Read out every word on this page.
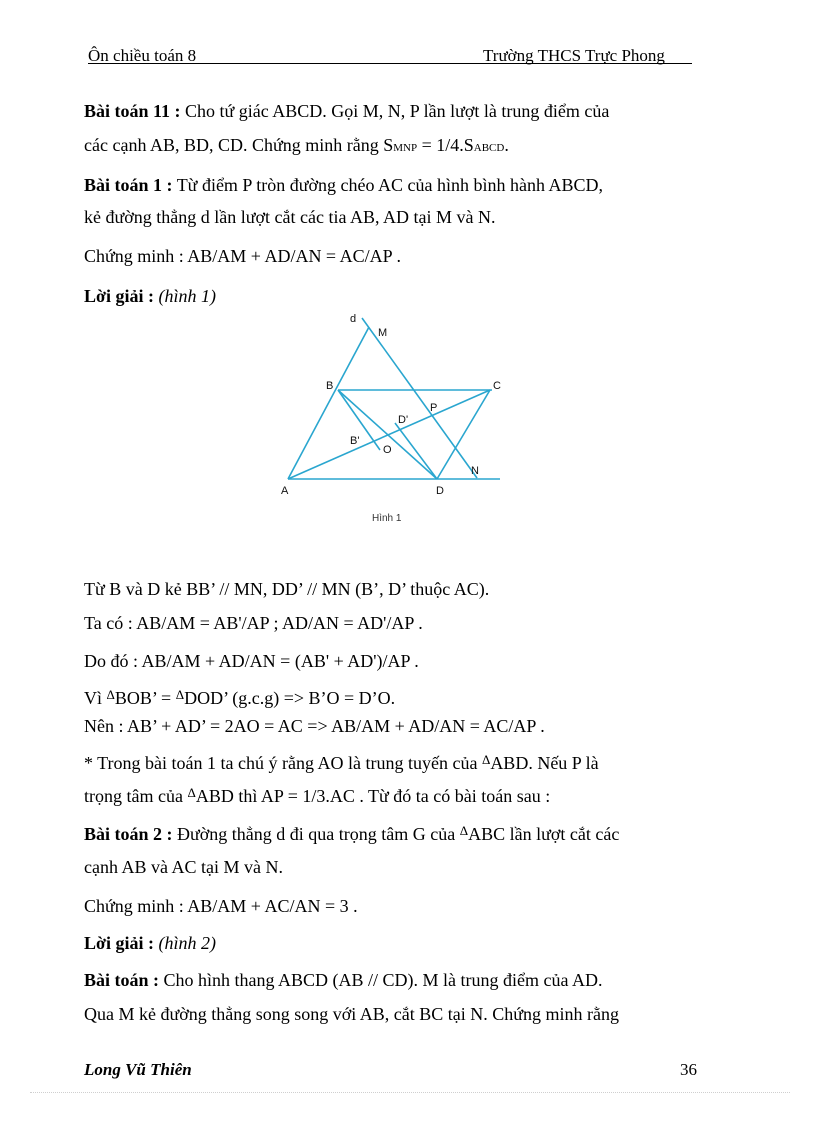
Ôn chiều toán 8	Trường THCS Trực Phong
Bài toán 11 : Cho tứ giác ABCD. Gọi M, N, P lần lượt là trung điểm của
các cạnh AB, BD, CD. Chứng minh rằng SMNP = 1/4.SABCD.
Bài toán 1 : Từ điểm P tròn đường chéo AC của hình bình hành ABCD,
kẻ đường thẳng d lần lượt cắt các tia AB, AD tại M và N.
Chứng minh : AB/AM + AD/AN = AC/AP .
Lời giải : (hình 1)
d
M
B	C
D'
P
B'
O
N
A	D
Hình 1
Từ B và D kẻ BB’ // MN, DD’ // MN (B’, D’ thuộc AC).
Ta có : AB/AM = AB'/AP ; AD/AN = AD'/AP .
Do đó : AB/AM + AD/AN = (AB' + AD')/AP .
Vì $^\Delta$BOB’ = $^\Delta$DOD’ (g.c.g) => B’O = D’O.
Nên : AB’ + AD’ = 2AO = AC => AB/AM + AD/AN = AC/AP .
* Trong bài toán 1 ta chú ý rằng AO là trung tuyến của $^\Delta$ABD. Nếu P là
trọng tâm của $^\Delta$ABD thì AP = 1/3.AC . Từ đó ta có bài toán sau :
Bài toán 2 : Đường thẳng d đi qua trọng tâm G của $^\Delta$ABC lần lượt cắt các
cạnh AB và AC tại M và N.
Chứng minh : AB/AM + AC/AN = 3 .
Lời giải : (hình 2)
Bài toán : Cho hình thang ABCD (AB // CD). M là trung điểm của AD.
Qua M kẻ đường thẳng song song với AB, cắt BC tại N. Chứng minh rằng
Long Vũ Thiên	36
